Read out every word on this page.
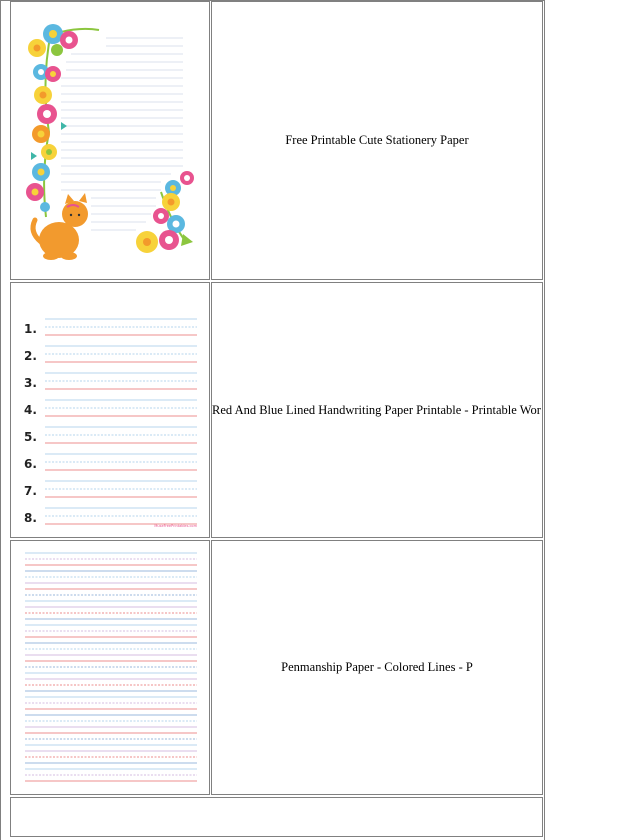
Free Printable Cute Stationery Paper
1.
2.
3.
4.
5.
6.
7.
8.
MuseFreePrintables.com
Red And Blue Lined Handwriting Paper Printable - Printable Wor
Penmanship Paper - Colored Lines - P
